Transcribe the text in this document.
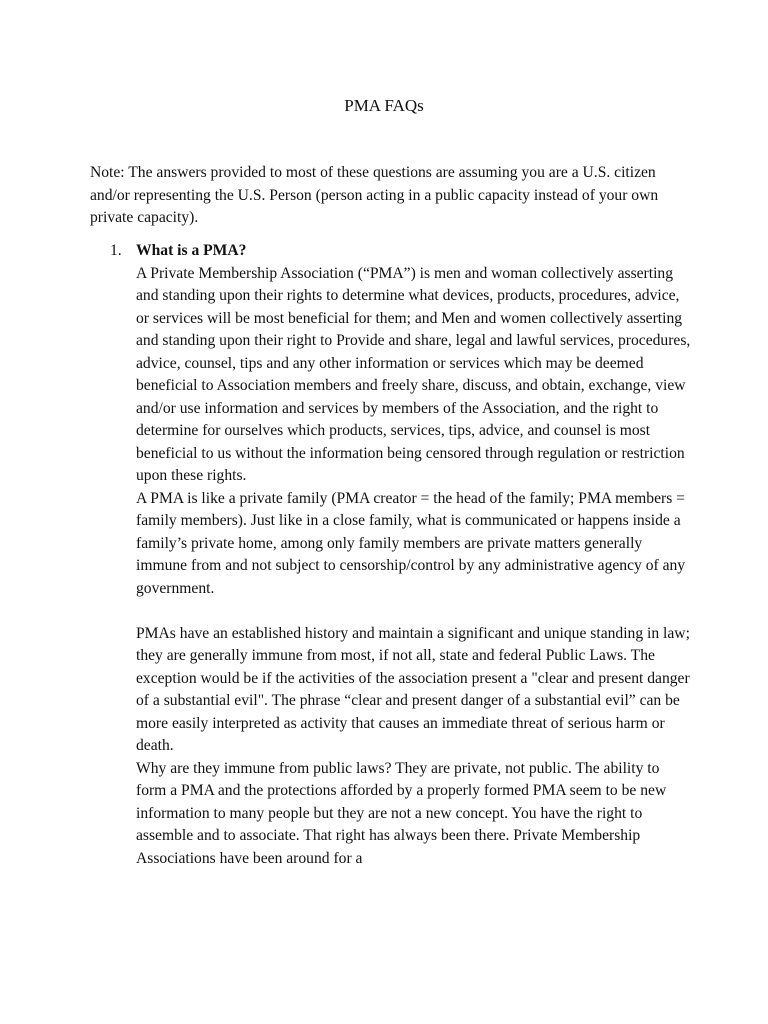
PMA FAQs

Note: The answers provided to most of these questions are assuming you are a U.S. citizen and/or representing the U.S. Person (person acting in a public capacity instead of your own private capacity).

1. What is a PMA?

A Private Membership Association (“PMA”) is men and woman collectively asserting and standing upon their rights to determine what devices, products, procedures, advice, or services will be most beneficial for them; and Men and women collectively asserting and standing upon their right to Provide and share, legal and lawful services, procedures, advice, counsel, tips and any other information or services which may be deemed beneficial to Association members and freely share, discuss, and obtain, exchange, view and/or use information and services by members of the Association, and the right to determine for ourselves which products, services, tips, advice, and counsel is most beneficial to us without the information being censored through regulation or restriction upon these rights.

A PMA is like a private family (PMA creator = the head of the family; PMA members = family members). Just like in a close family, what is communicated or happens inside a family’s private home, among only family members are private matters generally immune from and not subject to censorship/control by any administrative agency of any government.

PMAs have an established history and maintain a significant and unique standing in law; they are generally immune from most, if not all, state and federal Public Laws. The exception would be if the activities of the association present a "clear and present danger of a substantial evil". The phrase “clear and present danger of a substantial evil” can be more easily interpreted as activity that causes an immediate threat of serious harm or death.

Why are they immune from public laws? They are private, not public. The ability to form a PMA and the protections afforded by a properly formed PMA seem to be new information to many people but they are not a new concept. You have the right to assemble and to associate. That right has always been there. Private Membership Associations have been around for a
